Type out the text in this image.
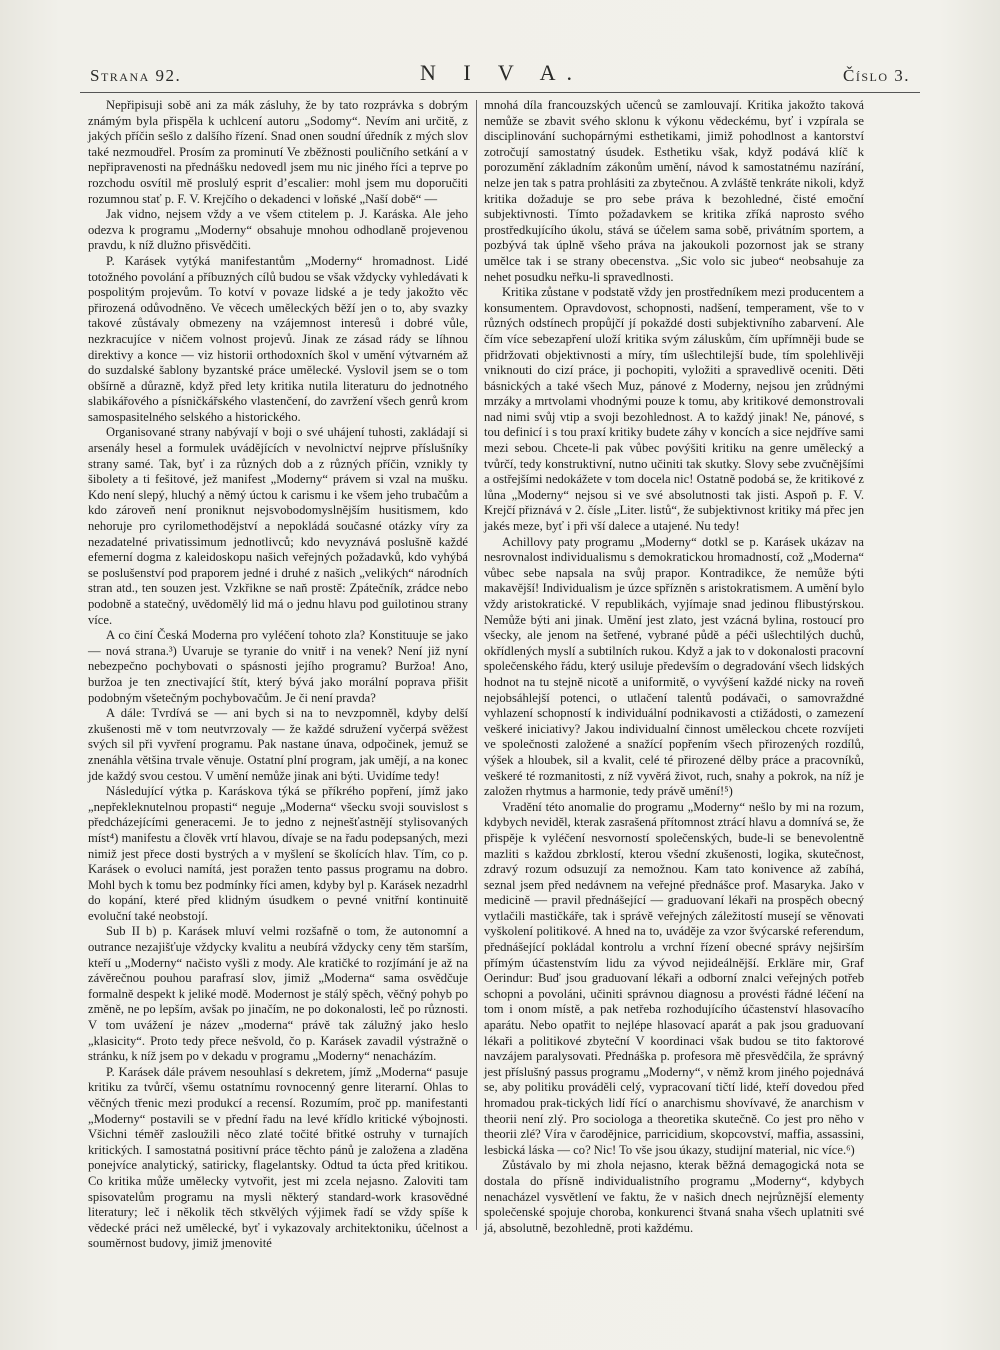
Strana 92.	N I V A.	Číslo 3.

Nepřipisuji sobě ani za mák zásluhy, že by tato rozprávka s dobrým známým byla přispěla k uchlcení autoru „Sodomy“. Nevím ani určitě, z jakých příčin sešlo z dalšího řízení. Snad onen soudní úředník z mých slov také nezmoudřel. Prosím za prominutí Ve zběžnosti pouličního setkání a v nepřipravenosti na přednášku nedovedl jsem mu nic jiného říci a teprve po rozchodu osvítil mě proslulý esprit d’escalier: mohl jsem mu doporučiti rozumnou stať p. F. V. Krejčího o dekadenci v loňské „Naší době“ —

Jak vidno, nejsem vždy a ve všem ctitelem p. J. Karáska. Ale jeho odezva k programu „Moderny“ obsahuje mnohou odhodlaně projevenou pravdu, k níž dlužno přisvědčiti.

P. Karásek vytýká manifestantům „Moderny“ hromadnost. Lidé totožného povolání a příbuzných cílů budou se však vždycky vyhledávati k pospolitým projevům. To kotví v povaze lidské a je tedy jakožto věc přirozená odůvodněno. Ve věcech uměleckých běží jen o to, aby svazky takové zůstávaly obmezeny na vzájemnost interesů i dobré vůle, nezkracujíce v ničem volnost projevů. Jinak ze zásad rády se líhnou direktivy a konce — viz historii orthodoxních škol v umění výtvarném až do suzdalské šablony byzantské práce umělecké. Vyslovil jsem se o tom obšírně a důrazně, když před lety kritika nutila literaturu do jednotného slabikářového a písničkářského vlastenčení, do zavržení všech genrů krom samospasitelného selského a historického.

Organisované strany nabývají v boji o své uhájení tuhosti, zakládají si arsenály hesel a formulek uvádějících v nevolnictví nejprve příslušníky strany samé. Tak, byť i za různých dob a z různých příčin, vznikly ty šibolety a ti fešitové, jež manifest „Moderny“ právem si vzal na mušku. Kdo není slepý, hluchý a němý úctou k carismu i ke všem jeho trubačům a kdo zároveň není proniknut nejsvobodomyslnějším husitismem, kdo nehoruje pro cyrilomethodějství a nepokládá současné otázky víry za nezadatelné privatissimum jednotlivců; kdo nevyznává poslušně každé efemerní dogma z kaleidoskopu našich veřejných požadavků, kdo vyhýbá se poslušenství pod praporem jedné i druhé z našich „velikých“ národních stran atd., ten souzen jest. Vzkřikne se naň prostě: Zpátečník, zrádce nebo podobně a statečný, uvědomělý lid má o jednu hlavu pod guilotinou strany více.

A co činí Česká Moderna pro vyléčení tohoto zla? Konstituuje se jako — nová strana.³) Uvaruje se tyranie do vnitř i na venek? Není již nyní nebezpečno pochybovati o spásnosti jejího programu? Buržoa! Ano, buržoa je ten znectivající štít, který bývá jako morální poprava přišit podobným všetečným pochybovačům. Je či není pravda?

A dále: Tvrdívá se — ani bych si na to nevzpomněl, kdyby delší zkušenosti mě v tom neutvrzovaly — že každé sdružení vyčerpá svěžest svých sil při vyvření programu. Pak nastane únava, odpočinek, jemuž se znenáhla většina trvale věnuje. Ostatní plní program, jak umějí, a na konec jde každý svou cestou. V umění nemůže jinak ani býti. Uvidíme tedy!

Následující výtka p. Karáskova týká se příkrého popření, jímž jako „nepřekleknutelnou propasti“ neguje „Moderna“ všecku svoji souvislost s předcházejícími generacemi. Je to jedno z nejnešťastnějí stylisovaných míst⁴) manifestu a člověk vrtí hlavou, dívaje se na řadu podepsaných, mezi nimiž jest přece dosti bystrých a v myšlení se školících hlav. Tím, co p. Karásek o evoluci namítá, jest poražen tento passus programu na dobro. Mohl bych k tomu bez podmínky říci amen, kdyby byl p. Karásek nezadrhl do kopání, které před klidným úsudkem o pevné vnitřní kontinuitě evoluční také neobstojí.

Sub II b) p. Karásek mluví velmi rozšafně o tom, že autonomní a outrance nezajišťuje vždycky kvalitu a neubírá vždycky ceny těm starším, kteří u „Moderny“ načisto vyšli z mody. Ale kratičké to rozjímání je až na závěrečnou pouhou parafrasí slov, jimiž „Moderna“ sama osvědčuje formalně despekt k jeliké modě. Modernost je stálý spěch, věčný pohyb po změně, ne po lepším, avšak po jinačím, ne po dokonalosti, leč po různosti. V tom uvážení je název „moderna“ právě tak zálužný jako heslo „klasicity“. Proto tedy přece nešvold, čo p. Karásek zavadil výstražně o stránku, k níž jsem po v dekadu v programu „Moderny“ nenacházím.

P. Karásek dále právem nesouhlasí s dekretem, jímž „Moderna“ pasuje kritiku za tvůrčí, všemu ostatnímu rovnocenný genre literarní. Ohlas to věčných třenic mezi produkcí a recensí. Rozumím, proč pp. manifestanti „Moderny“ postavili se v přední řadu na levé křídlo kritické výbojnosti. Všichni téměř zasloužili něco zlaté točité břitké ostruhy v turnajích kritických. I samostatná positivní práce těchto pánů je založena a zladěna ponejvíce analytický, satiricky, flagelantsky. Odtud ta úcta před kritikou. Co kritika může umělecky vytvořit, jest mi zcela nejasno. Zaloviti tam spisovatelům programu na mysli některý standard-work krasovědné literatury; leč i několik těch stkvělých výjimek řadí se vždy spíše k vědecké práci než umělecké, byť i vykazovaly architektoniku, účelnost a souměrnost budovy, jimiž jmenovité

mnohá díla francouzských učenců se zamlouvají. Kritika jakožto taková nemůže se zbavit svého sklonu k výkonu vědeckému, byť i vzpírala se disciplinování suchopárnými esthetikami, jimiž pohodlnost a kantorství zotročují samostatný úsudek. Esthetiku však, když podává klíč k porozumění základním zákonům umění, návod k samostatnému nazírání, nelze jen tak s patra prohlásiti za zbytečnou. A zvláště tenkráte nikoli, když kritika dožaduje se pro sebe práva k bezohledné, čisté emoční subjektivnosti. Tímto požadavkem se kritika zříká naprosto svého prostředkujícího úkolu, stává se účelem sama sobě, privátním sportem, a pozbývá tak úplně všeho práva na jakoukoli pozornost jak se strany umělce tak i se strany obecenstva. „Sic volo sic jubeo“ neobsahuje za nehet posudku neřku-li spravedlnosti.

Kritika zůstane v podstatě vždy jen prostředníkem mezi producentem a konsumentem. Opravdovost, schopnosti, nadšení, temperament, vše to v různých odstínech propůjčí jí pokaždé dosti subjektivního zabarvení. Ale čím více sebezapření uloží kritika svým záluskům, čím upřímněji bude se přidržovati objektivnosti a míry, tím ušlechtilejší bude, tím spolehlivěji vniknouti do cizí práce, ji pochopiti, vyložiti a spravedlivě oceniti. Děti básnických a také všech Muz, pánové z Moderny, nejsou jen zrůdnými mrzáky a mrtvolami vhodnými pouze k tomu, aby kritikové demonstrovali nad nimi svůj vtip a svoji bezohlednost. A to každý jinak! Ne, pánové, s tou definicí i s tou praxí kritiky budete záhy v koncích a sice nejdříve sami mezi sebou. Chcete-li pak vůbec povýšiti kritiku na genre umělecký a tvůrčí, tedy konstruktivní, nutno učiniti tak skutky. Slovy sebe zvučnějšími a ostřejšími nedokážete v tom docela nic! Ostatně podobá se, že kritikové z lůna „Moderny“ nejsou si ve své absolutnosti tak jisti. Aspoň p. F. V. Krejčí přiznává v 2. čísle „Liter. listů“, že subjektivnost kritiky má přec jen jakés meze, byť i při vší dalece a utajené. Nu tedy!

Achillovy paty programu „Moderny“ dotkl se p. Karásek ukázav na nesrovnalost individualismu s demokratickou hromadností, což „Moderna“ vůbec sebe napsala na svůj prapor. Kontradikce, že nemůže býti makavější! Individualism je úzce spřízněn s aristokratismem. A umění bylo vždy aristokratické. V republikách, vyjímaje snad jedinou flibustýrskou. Nemůže býti ani jinak. Umění jest zlato, jest vzácná bylina, rostoucí pro všecky, ale jenom na šetřené, vybrané půdě a péči ušlechtilých duchů, okřídlených myslí a subtilních rukou. Když a jak to v dokonalosti pracovní společenského řádu, který usiluje především o degradování všech lidských hodnot na tu stejně nicotě a uniformitě, o vyvýšení každé nicky na roveň nejobsáhlejší potenci, o utlačení talentů podávači, o samovraždné vyhlazení schopností k individuální podnikavosti a ctižádosti, o zamezení veškeré iniciativy? Jakou individualní činnost uměleckou chcete rozvíjeti ve společnosti založené a snažící popřením všech přirozených rozdílů, výšek a hloubek, sil a kvalit, celé té přirozené dělby práce a pracovníků, veškeré té rozmanitosti, z níž vyvěrá život, ruch, snahy a pokrok, na níž je založen rhytmus a harmonie, tedy právě umění!⁵)

Vradění této anomalie do programu „Moderny“ nešlo by mi na rozum, kdybych neviděl, kterak zasrašená přítomnost ztrácí hlavu a domnívá se, že přispěje k vyléčení nesvorností společenských, bude-li se benevolentně mazliti s každou zbrklostí, kterou všední zkušenosti, logika, skutečnost, zdravý rozum odsuzují za nemožnou. Kam tato konivence až zabíhá, seznal jsem před nedávnem na veřejné přednášce prof. Masaryka. Jako v medicině — pravil přednášející — graduovaní lékaři na prospěch obecný vytlačili mastičkáře, tak i správě veřejných záležitostí musejí se věnovati vyškolení politikové. A hned na to, uváděje za vzor švýcarské referendum, přednášející pokládal kontrolu a vrchní řízení obecné správy nejširším přímým účastenstvím lidu za vývod nejideálnější. Erkläre mir, Graf Oerindur: Buď jsou graduovaní lékaři a odborní znalci veřejných potřeb schopni a povoláni, učiniti správnou diagnosu a provésti řádné léčení na tom i onom místě, a pak netřeba rozhodujícího účastenství hlasovacího aparátu. Nebo opatřit to nejlépe hlasovací aparát a pak jsou graduovaní lékaři a politikové zbyteční V koordinaci však budou se tito faktorové navzájem paralysovati. Přednáška p. profesora mě přesvědčila, že správný jest příslušný passus programu „Moderny“, v němž krom jiného pojednává se, aby politiku prováděli celý, vypracovaní tičtí lidé, kteří dovedou před hromadou prak-tických lidí řící o anarchismu shovívavé, že anarchism v theorii není zlý. Pro sociologa a theoretika skutečně. Co jest pro něho v theorii zlé? Víra v čarodějnice, parricidium, skopcovství, maffia, assassini, lesbická láska — co? Nic! To vše jsou úkazy, studijní material, nic více.⁶)

Zůstávalo by mi zhola nejasno, kterak běžná demagogická nota se dostala do přísně individualistního programu „Moderny“, kdybych nenacházel vysvětlení ve faktu, že v našich dnech nejrůznější elementy společenské spojuje choroba, konkurenci štvaná snaha všech uplatniti své já, absolutně, bezohledně, proti každému.
